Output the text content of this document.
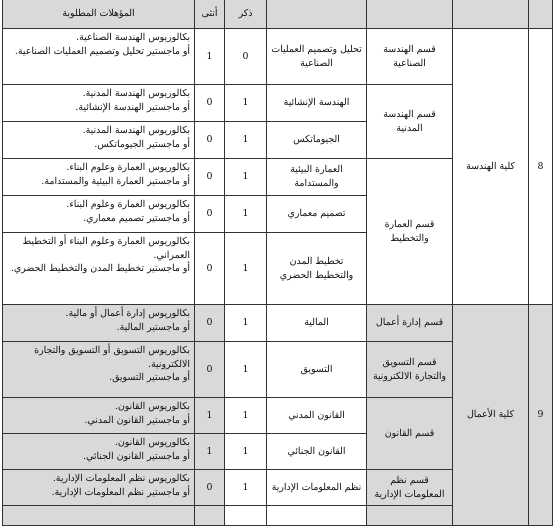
				ذكر	أنثى	المؤهلات المطلوبة
8	كلية الهندسة	قسم الهندسة الصناعية	تحليل وتصميم العمليات الصناعية	0	1	بكالوريوس الهندسة الصناعية.
أو ماجستير تحليل وتصميم العمليات الصناعية.

		قسم الهندسة المدنية	الهندسة الإنشائية	1	0	بكالوريوس الهندسة المدنية.
أو ماجستير الهندسة الإنشائية.

			الجيوماتكس	1	0	بكالوريوس الهندسة المدنية.
أو ماجستير الجيوماتكس.

		قسم العمارة والتخطيط	العمارة البيئية والمستدامة	1	0	بكالوريوس العمارة وعلوم البناء.
أو ماجستير العمارة البيئية والمستدامة.

			تصميم معماري	1	0	بكالوريوس العمارة وعلوم البناء.
أو ماجستير تصميم معماري.

			تخطيط المدن والتخطيط الحضري	1	0	بكالوريوس العمارة وعلوم البناء أو التخطيط العمراني.
أو ماجستير تخطيط المدن والتخطيط الحضري.

9	كلية الأعمال	قسم إدارة أعمال	المالية	1	0	بكالوريوس إدارة أعمال أو مالية.
أو ماجستير المالية.

		قسم التسويق والتجارة الالكترونية	التسويق	1	0	بكالوريوس التسويق أو التسويق والتجارة الالكترونية.
أو ماجستير التسويق.

		قسم القانون	القانون المدني	1	1	بكالوريوس القانون.
أو ماجستير القانون المدني.

			القانون الجنائي	1	1	بكالوريوس القانون.
أو ماجستير القانون الجنائي.

		قسم نظم المعلومات الإدارية	نظم المعلومات الإدارية	1	0	بكالوريوس نظم المعلومات الإدارية.
أو ماجستير نظم المعلومات الإدارية.
